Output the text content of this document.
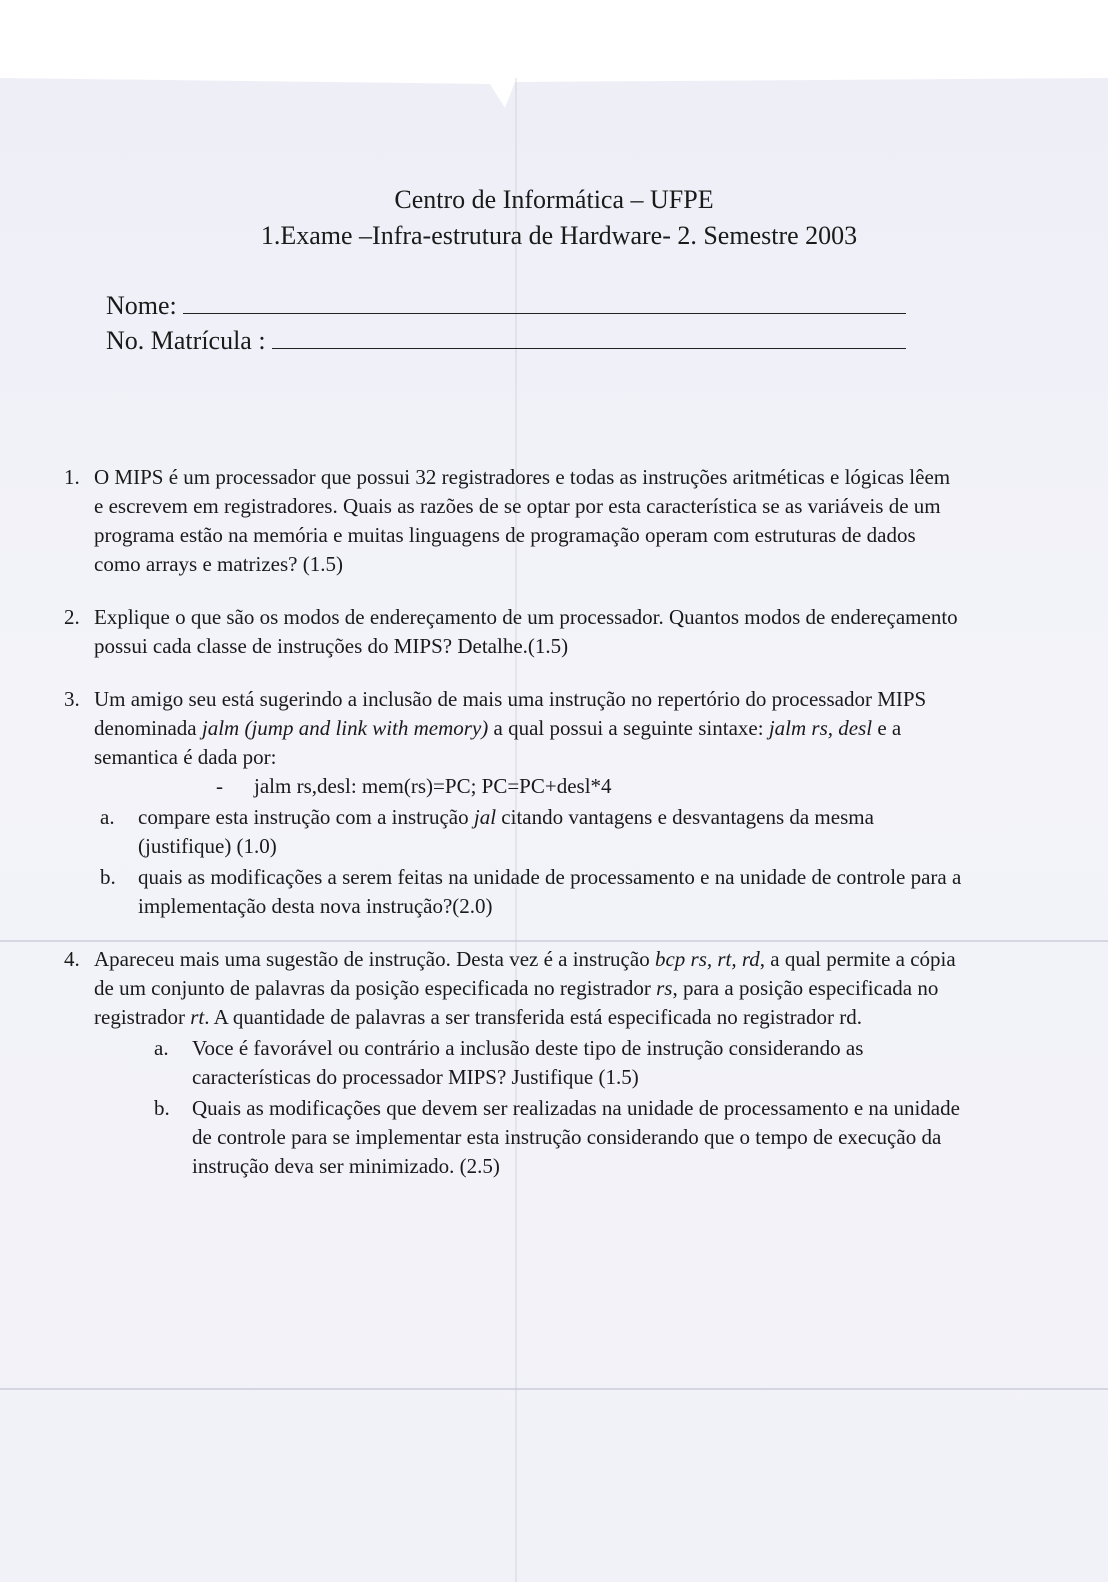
Centro de Informática – UFPE
1.Exame –Infra-estrutura de Hardware- 2. Semestre 2003
Nome:
No. Matrícula :
1. O MIPS é um processador que possui 32 registradores e todas as instruções aritméticas e lógicas lêem e escrevem em registradores. Quais as razões de se optar por esta característica se as variáveis de um programa estão na memória e muitas linguagens de programação operam com estruturas de dados como arrays e matrizes? (1.5)
2. Explique o que são os modos de endereçamento de um processador. Quantos modos de endereçamento possui cada classe de instruções do MIPS? Detalhe.(1.5)
3. Um amigo seu está sugerindo a inclusão de mais uma instrução no repertório do processador MIPS denominada jalm (jump and link with memory) a qual possui a seguinte sintaxe: jalm rs, desl e a semantica é dada por:
- jalm rs,desl: mem(rs)=PC; PC=PC+desl*4
a.	compare esta instrução com a instrução jal citando vantagens e desvantagens da mesma (justifique) (1.0)
b.	quais as modificações a serem feitas na unidade de processamento e na unidade de controle para a implementação desta nova instrução?(2.0)
4. Apareceu mais uma sugestão de instrução. Desta vez é a instrução bcp rs, rt, rd, a qual permite a cópia de um conjunto de palavras da posição especificada no registrador rs, para a posição especificada no registrador rt. A quantidade de palavras a ser transferida está especificada no registrador rd.
a.	Voce é favorável ou contrário a inclusão deste tipo de instrução considerando as características do processador MIPS? Justifique (1.5)
b.	Quais as modificações que devem ser realizadas na unidade de processamento e na unidade de controle para se implementar esta instrução considerando que o tempo de execução da instrução deva ser minimizado. (2.5)
